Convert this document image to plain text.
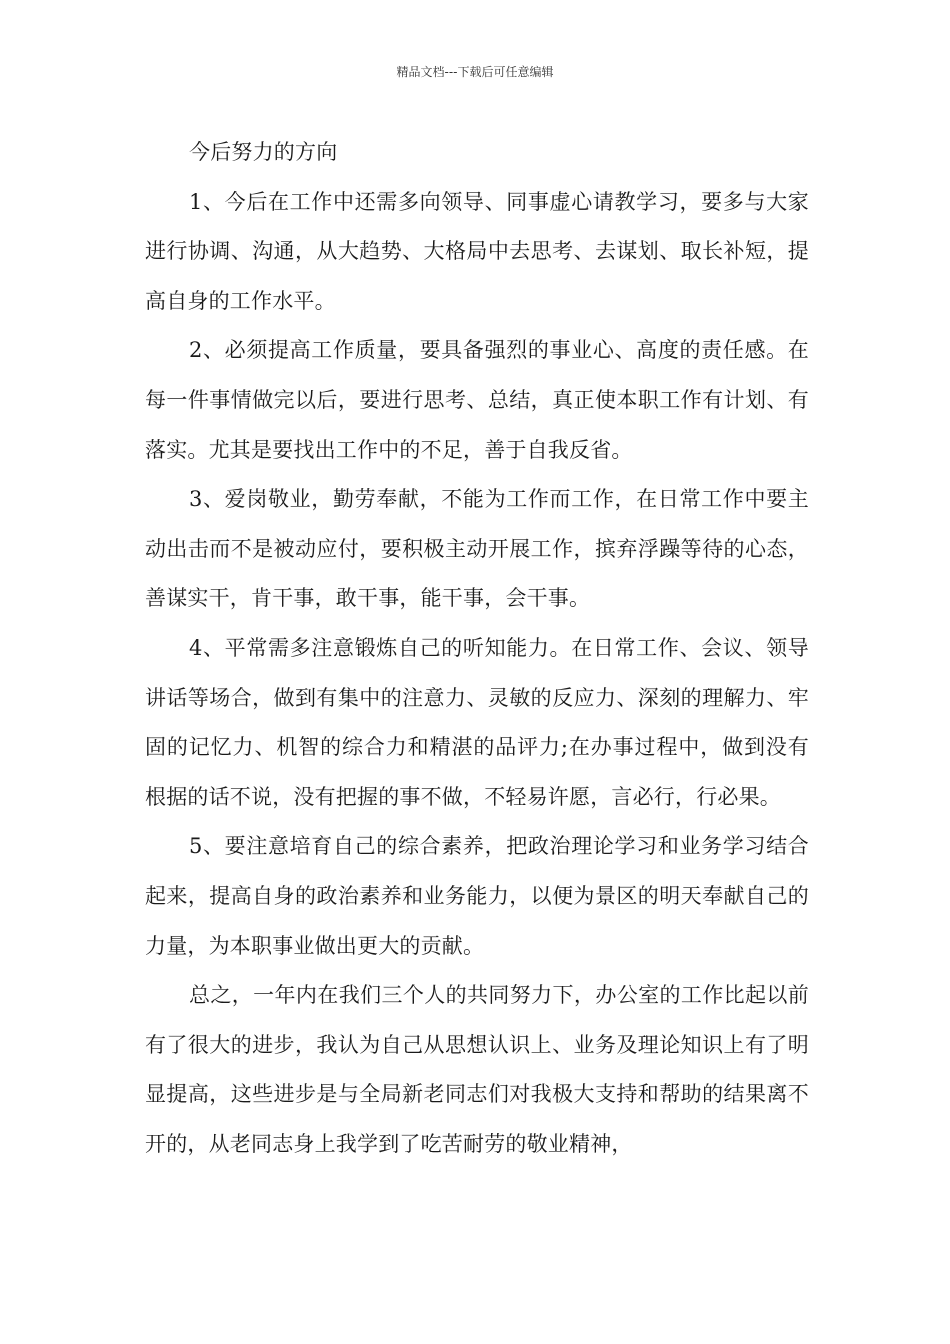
精品文档---下载后可任意编辑

今后努力的方向

1、今后在工作中还需多向领导、同事虚心请教学习，要多与大家进行协调、沟通，从大趋势、大格局中去思考、去谋划、取长补短，提高自身的工作水平。

2、必须提高工作质量，要具备强烈的事业心、高度的责任感。在每一件事情做完以后，要进行思考、总结，真正使本职工作有计划、有落实。尤其是要找出工作中的不足，善于自我反省。

3、爱岗敬业，勤劳奉献，不能为工作而工作，在日常工作中要主动出击而不是被动应付，要积极主动开展工作，摈弃浮躁等待的心态，善谋实干，肯干事，敢干事，能干事，会干事。

4、平常需多注意锻炼自己的听知能力。在日常工作、会议、领导讲话等场合，做到有集中的注意力、灵敏的反应力、深刻的理解力、牢固的记忆力、机智的综合力和精湛的品评力;在办事过程中，做到没有根据的话不说，没有把握的事不做，不轻易许愿，言必行，行必果。

5、要注意培育自己的综合素养，把政治理论学习和业务学习结合起来，提高自身的政治素养和业务能力，以便为景区的明天奉献自己的力量，为本职事业做出更大的贡献。

总之，一年内在我们三个人的共同努力下，办公室的工作比起以前有了很大的进步，我认为自己从思想认识上、业务及理论知识上有了明显提高，这些进步是与全局新老同志们对我极大支持和帮助的结果离不开的，从老同志身上我学到了吃苦耐劳的敬业精神，
